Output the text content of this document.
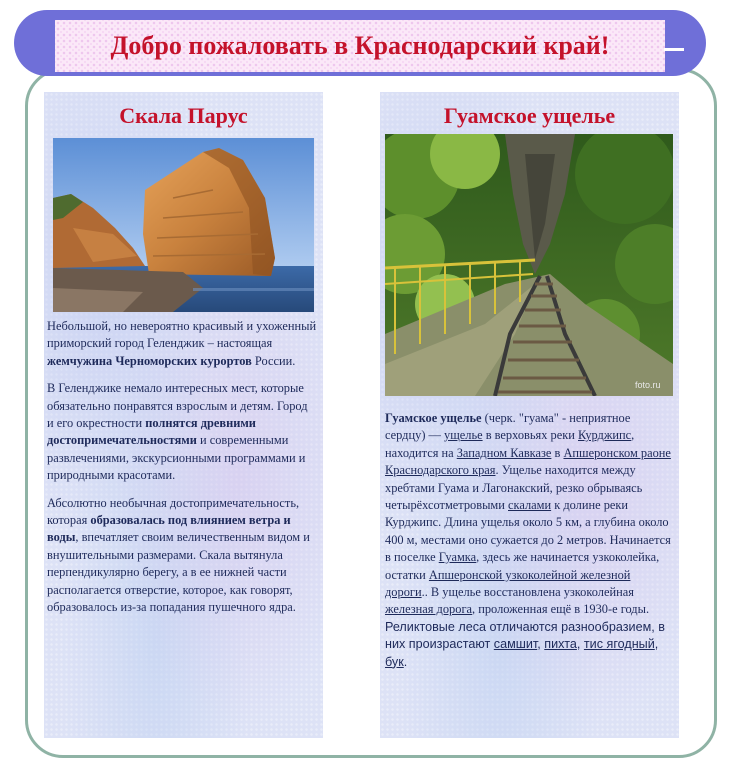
Добро пожаловать в Краснодарский край!
Скала Парус

Небольшой, но невероятно красивый и ухоженный приморский город Геленджик – настоящая жемчужина Черноморских курортов России.

В Геленджике немало интересных мест, которые обязательно понравятся взрослым и детям. Город и его окрестности полнятся древними достопримечательностями и современными развлечениями, экскурсионными программами и природными красотами.

Абсолютно необычная достопримечательность, которая образовалась под влиянием ветра и воды, впечатляет своим величественным видом и внушительными размерами. Скала вытянула перпендикулярно берегу, а в ее нижней части располагается отверстие, которое, как говорят, образовалось из-за попадания пушечного ядра.

Гуамское ущелье
foto.ru
Гуамское ущелье (черк. "гуама" - неприятное сердцу) — ущелье в верховьях реки Курджипс, находится на Западном Кавказе в Апшеронском раоне Краснодарского края. Ущелье находится между хребтами Гуама и Лагонакский, резко обрываясь четырёхсотметровыми скалами к долине реки Курджипс. Длина ущелья около 5 км, а глубина около 400 м, местами оно сужается до 2 метров. Начинается в поселке Гуамка, здесь же начинается узкоколейка, остатки Апшеронской узкоколейной железной дороги.. В ущелье восстановлена узкоколейная железная дорога, проложенная ещё в 1930-е годы. Реликтовые леса отличаются разнообразием, в них произрастают самшит, пихта, тис ягодный, бук.
